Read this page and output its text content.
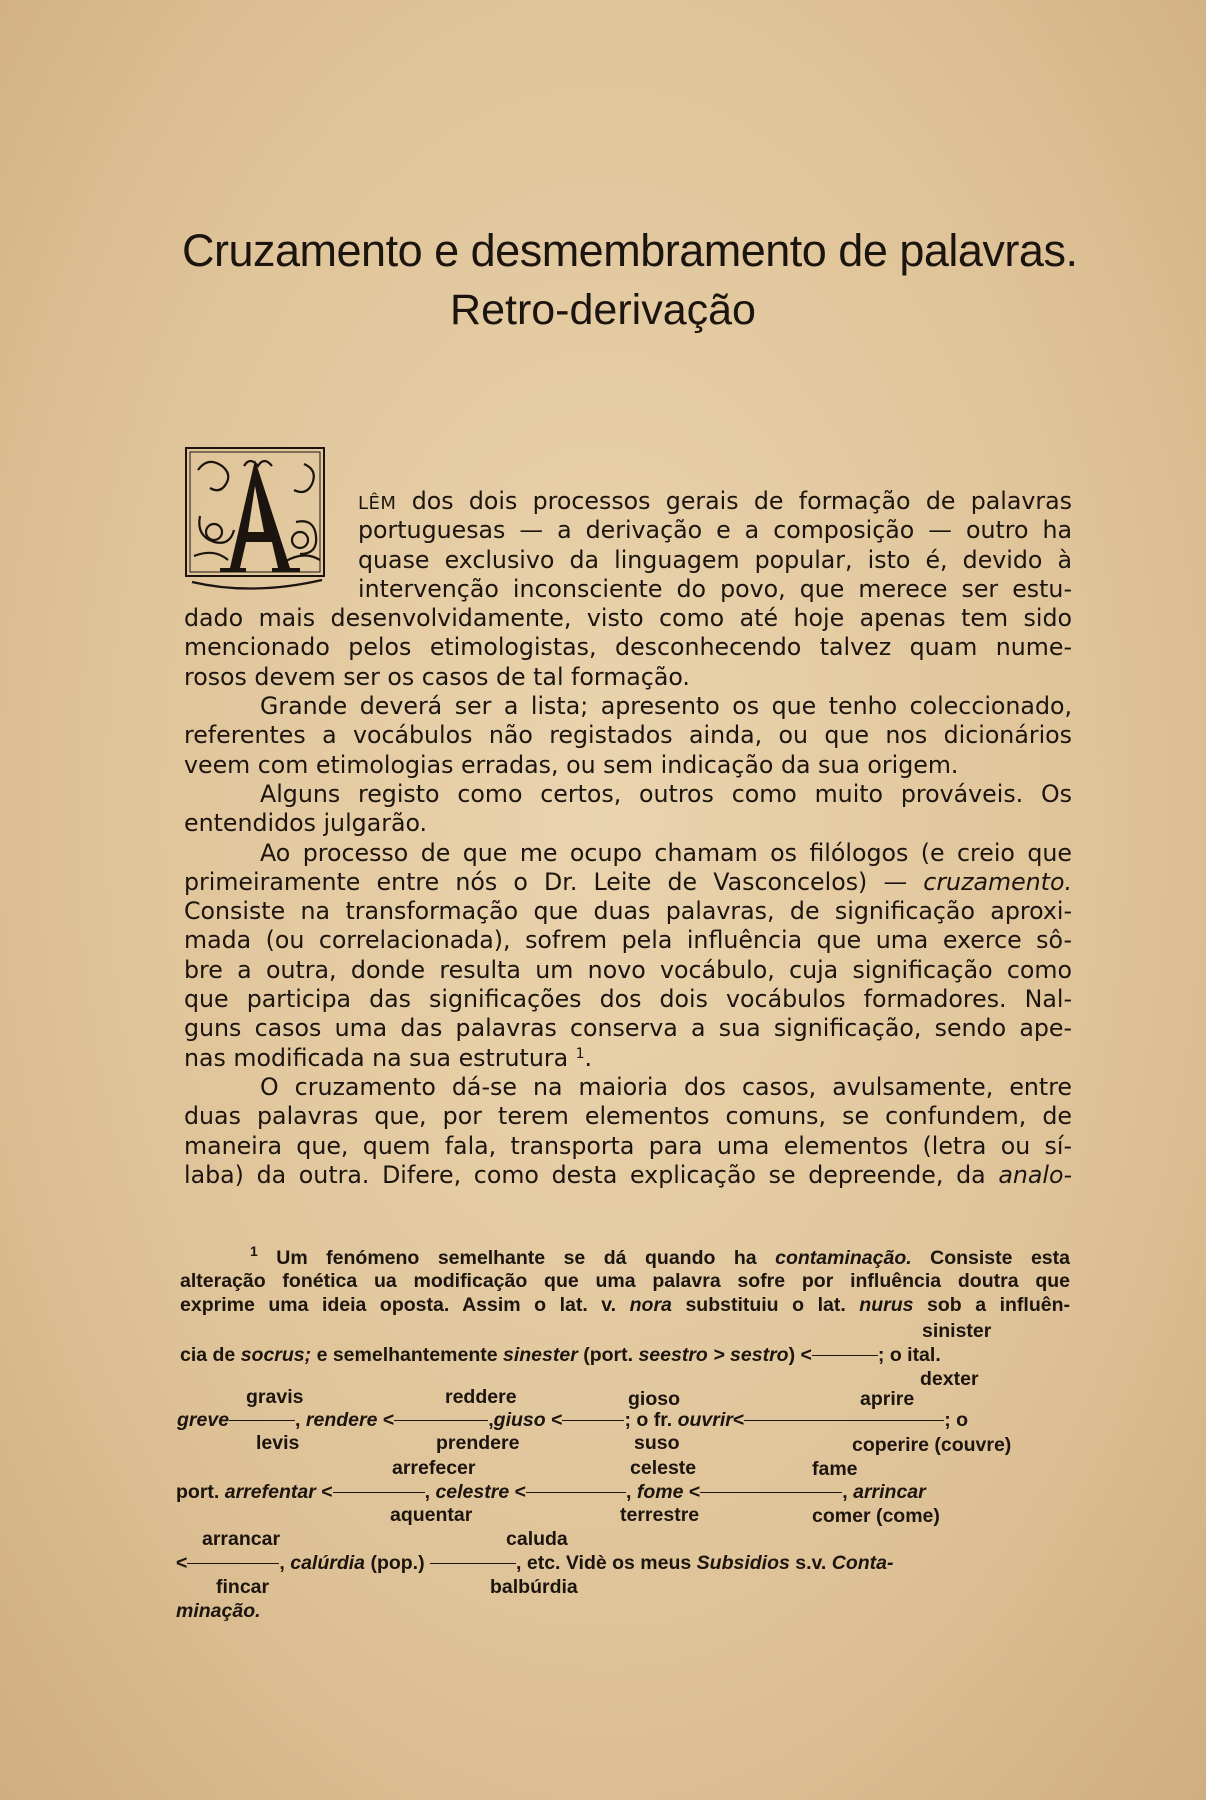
Cruzamento e desmembramento de palavras.
Retro-derivação
LÊM dos dois processos gerais de formação de palavras
portuguesas — a derivação e a composição — outro ha
quase exclusivo da linguagem popular, isto é, devido à
intervenção inconsciente do povo, que merece ser estu-
dado mais desenvolvidamente, visto como até hoje apenas tem sido
mencionado pelos etimologistas, desconhecendo talvez quam nume-
rosos devem ser os casos de tal formação.
Grande deverá ser a lista; apresento os que tenho coleccionado,
referentes a vocábulos não registados ainda, ou que nos dicionários
veem com etimologias erradas, ou sem indicação da sua origem.
Alguns registo como certos, outros como muito prováveis. Os
entendidos julgarão.
Ao processo de que me ocupo chamam os filólogos (e creio que
primeiramente entre nós o Dr. Leite de Vasconcelos) — cruzamento.
Consiste na transformação que duas palavras, de significação aproxi-
mada (ou correlacionada), sofrem pela influência que uma exerce sô-
bre a outra, donde resulta um novo vocábulo, cuja significação como
que participa das significações dos dois vocábulos formadores. Nal-
guns casos uma das palavras conserva a sua significação, sendo ape-
nas modificada na sua estrutura $^1$.
O cruzamento dá-se na maioria dos casos, avulsamente, entre
duas palavras que, por terem elementos comuns, se confundem, de
maneira que, quem fala, transporta para uma elementos (letra ou sí-
laba) da outra. Difere, como desta explicação se depreende, da analo-
$^1$ Um fenómeno semelhante se dá quando ha contaminação. Consiste esta
alteração fonética ua modificação que uma palavra sofre por influência doutra que
exprime uma ideia oposta. Assim o lat. v. nora substituiu o lat. nurus sob a influên-
sinister
cia de socrus; e semelhantemente sinester (port. seestro > sestro) <	; o ital.
dexter
gravis	reddere	gioso	aprire
greve	, rendere <	,giuso <	; o fr. ouvrir<	; o
levis	prendere	suso	coperire (couvre)
arrefecer	celeste	fame
port. arrefentar <	, celestre <	, fome <	, arrincar
aquentar	terrestre	comer (come)
arrancar	caluda
<	, calúrdia (pop.)	, etc. Vidè os meus Subsidios s.v. Conta-
fincar	balbúrdia
minação.
